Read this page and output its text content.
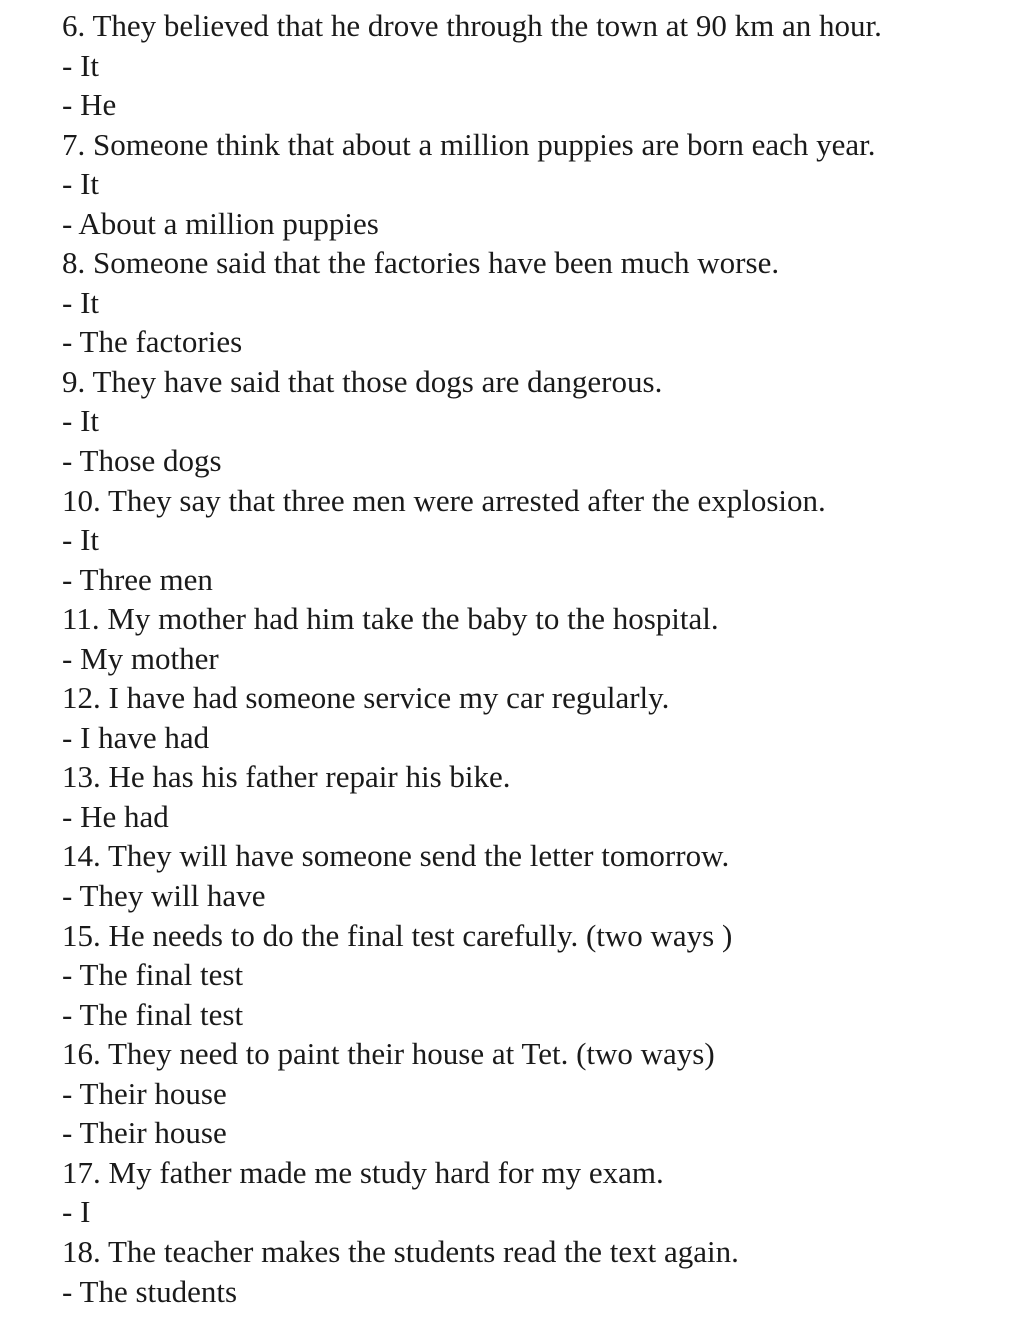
6. They believed that he drove through the town at 90 km an hour.
- It
- He
7. Someone think that about a million puppies are born each year.
- It
- About a million puppies
8. Someone said that the factories have been much worse.
- It
- The factories
9. They have said that those dogs are dangerous.
- It
- Those dogs
10. They say that three men were arrested after the explosion.
- It
- Three men
11. My mother had him take the baby to the hospital.
- My mother
12. I have had someone service my car regularly.
- I have had
13. He has his father repair his bike.
- He had
14. They will have someone send the letter tomorrow.
- They will have
15. He needs to do the final test carefully. (two ways )
- The final test
- The final test
16. They need to paint their house at Tet. (two ways)
- Their house
- Their house
17. My father made me study hard for my exam.
- I
18. The teacher makes the students read the text again.
- The students
